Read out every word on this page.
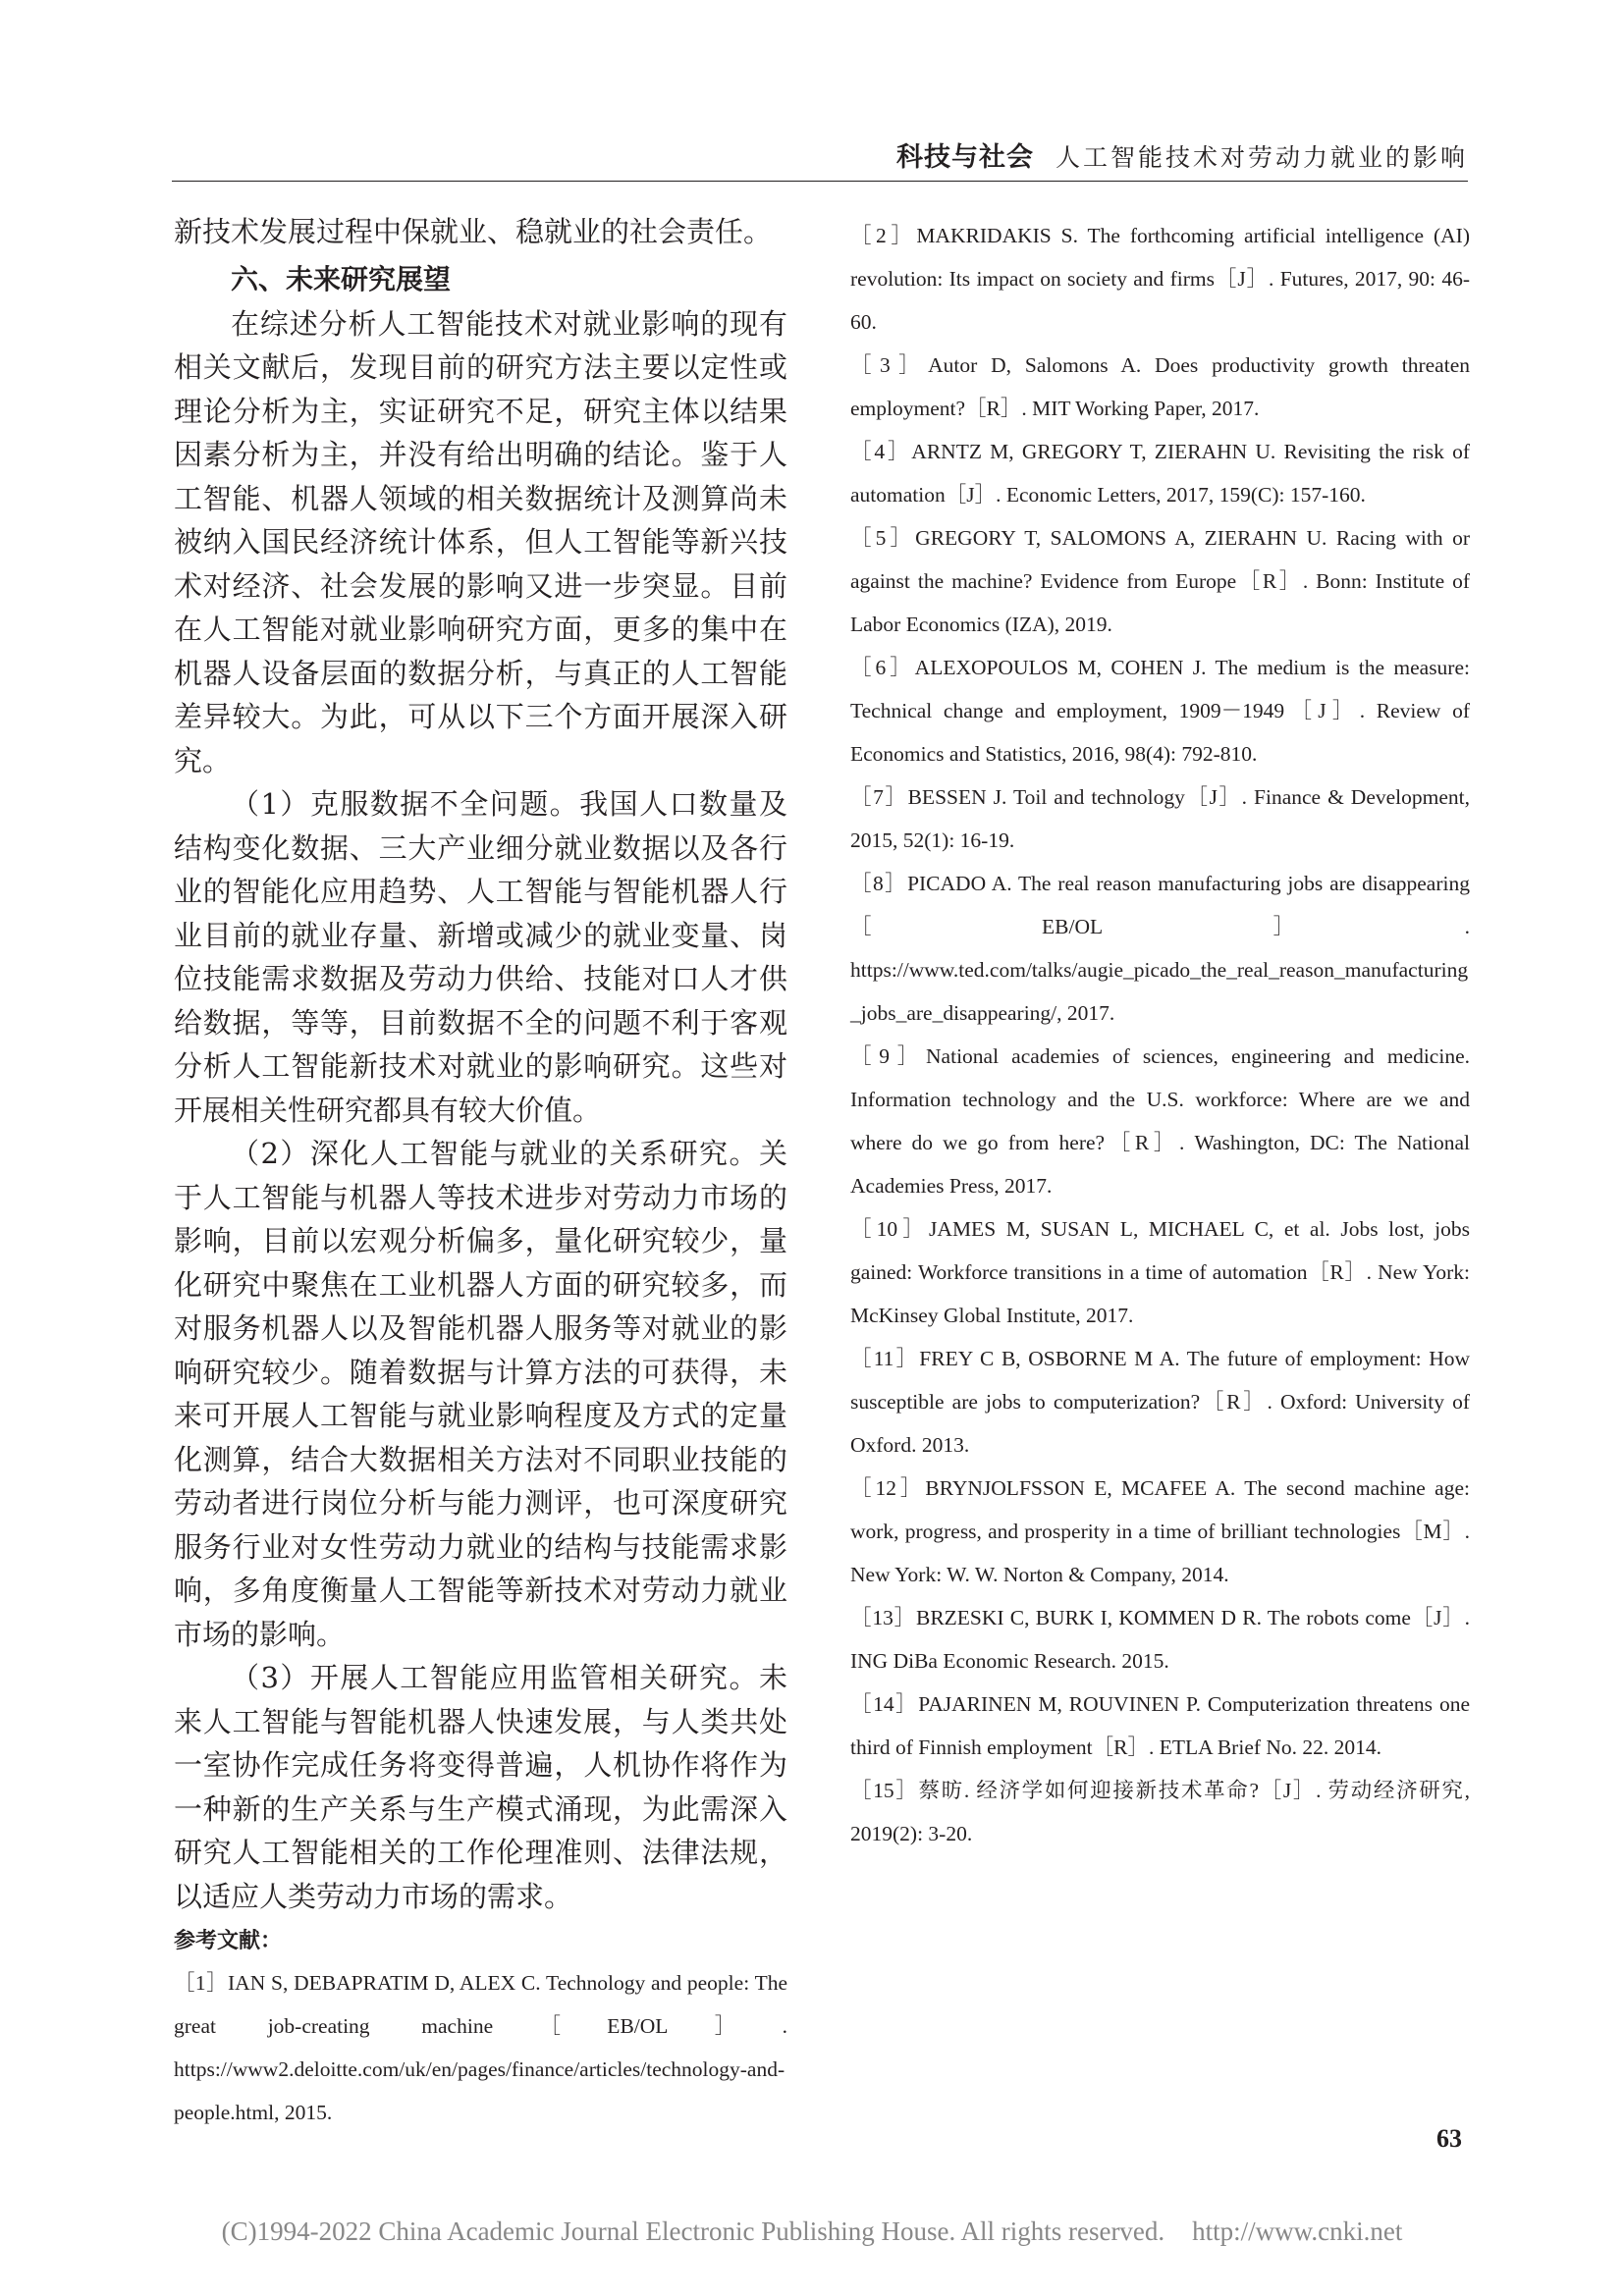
科技与社会 人工智能技术对劳动力就业的影响

新技术发展过程中保就业、稳就业的社会责任。

六、未来研究展望

在综述分析人工智能技术对就业影响的现有相关文献后，发现目前的研究方法主要以定性或理论分析为主，实证研究不足，研究主体以结果因素分析为主，并没有给出明确的结论。鉴于人工智能、机器人领域的相关数据统计及测算尚未被纳入国民经济统计体系，但人工智能等新兴技术对经济、社会发展的影响又进一步突显。目前在人工智能对就业影响研究方面，更多的集中在机器人设备层面的数据分析，与真正的人工智能差异较大。为此，可从以下三个方面开展深入研究。

（1）克服数据不全问题。我国人口数量及结构变化数据、三大产业细分就业数据以及各行业的智能化应用趋势、人工智能与智能机器人行业目前的就业存量、新增或减少的就业变量、岗位技能需求数据及劳动力供给、技能对口人才供给数据，等等，目前数据不全的问题不利于客观分析人工智能新技术对就业的影响研究。这些对开展相关性研究都具有较大价值。

（2）深化人工智能与就业的关系研究。关于人工智能与机器人等技术进步对劳动力市场的影响，目前以宏观分析偏多，量化研究较少，量化研究中聚焦在工业机器人方面的研究较多，而对服务机器人以及智能机器人服务等对就业的影响研究较少。随着数据与计算方法的可获得，未来可开展人工智能与就业影响程度及方式的定量化测算，结合大数据相关方法对不同职业技能的劳动者进行岗位分析与能力测评，也可深度研究服务行业对女性劳动力就业的结构与技能需求影响，多角度衡量人工智能等新技术对劳动力就业市场的影响。

（3）开展人工智能应用监管相关研究。未来人工智能与智能机器人快速发展，与人类共处一室协作完成任务将变得普遍，人机协作将作为一种新的生产关系与生产模式涌现，为此需深入研究人工智能相关的工作伦理准则、法律法规，以适应人类劳动力市场的需求。

参考文献：
［1］IAN S, DEBAPRATIM D, ALEX C. Technology and people: The great job-creating machine［EB/OL］. https://www2.deloitte.com/uk/en/pages/finance/articles/technology-and-people.html, 2015.
［2］MAKRIDAKIS S. The forthcoming artificial intelligence (AI) revolution: Its impact on society and firms［J］. Futures, 2017, 90: 46-60.
［3］Autor D, Salomons A. Does productivity growth threaten employment?［R］. MIT Working Paper, 2017.
［4］ARNTZ M, GREGORY T, ZIERAHN U. Revisiting the risk of automation［J］. Economic Letters, 2017, 159(C): 157-160.
［5］GREGORY T, SALOMONS A, ZIERAHN U. Racing with or against the machine? Evidence from Europe［R］. Bonn: Institute of Labor Economics (IZA), 2019.
［6］ALEXOPOULOS M, COHEN J. The medium is the measure: Technical change and employment, 1909－1949［J］. Review of Economics and Statistics, 2016, 98(4): 792-810.
［7］BESSEN J. Toil and technology［J］. Finance & Development, 2015, 52(1): 16-19.
［8］PICADO A. The real reason manufacturing jobs are disappearing［EB/OL］. https://www.ted.com/talks/augie_picado_the_real_reason_manufacturing_jobs_are_disappearing/, 2017.
［9］National academies of sciences, engineering and medicine. Information technology and the U.S. workforce: Where are we and where do we go from here?［R］. Washington, DC: The National Academies Press, 2017.
［10］JAMES M, SUSAN L, MICHAEL C, et al. Jobs lost, jobs gained: Workforce transitions in a time of automation［R］. New York: McKinsey Global Institute, 2017.
［11］FREY C B, OSBORNE M A. The future of employment: How susceptible are jobs to computerization?［R］. Oxford: University of Oxford. 2013.
［12］BRYNJOLFSSON E, MCAFEE A. The second machine age: work, progress, and prosperity in a time of brilliant technologies［M］. New York: W. W. Norton & Company, 2014.
［13］BRZESKI C, BURK I, KOMMEN D R. The robots come［J］. ING DiBa Economic Research. 2015.
［14］PAJARINEN M, ROUVINEN P. Computerization threatens one third of Finnish employment［R］. ETLA Brief No. 22. 2014.
［15］蔡昉. 经济学如何迎接新技术革命?［J］. 劳动经济研究, 2019(2): 3-20.
63
(C)1994-2022 China Academic Journal Electronic Publishing House. All rights reserved. http://www.cnki.net
